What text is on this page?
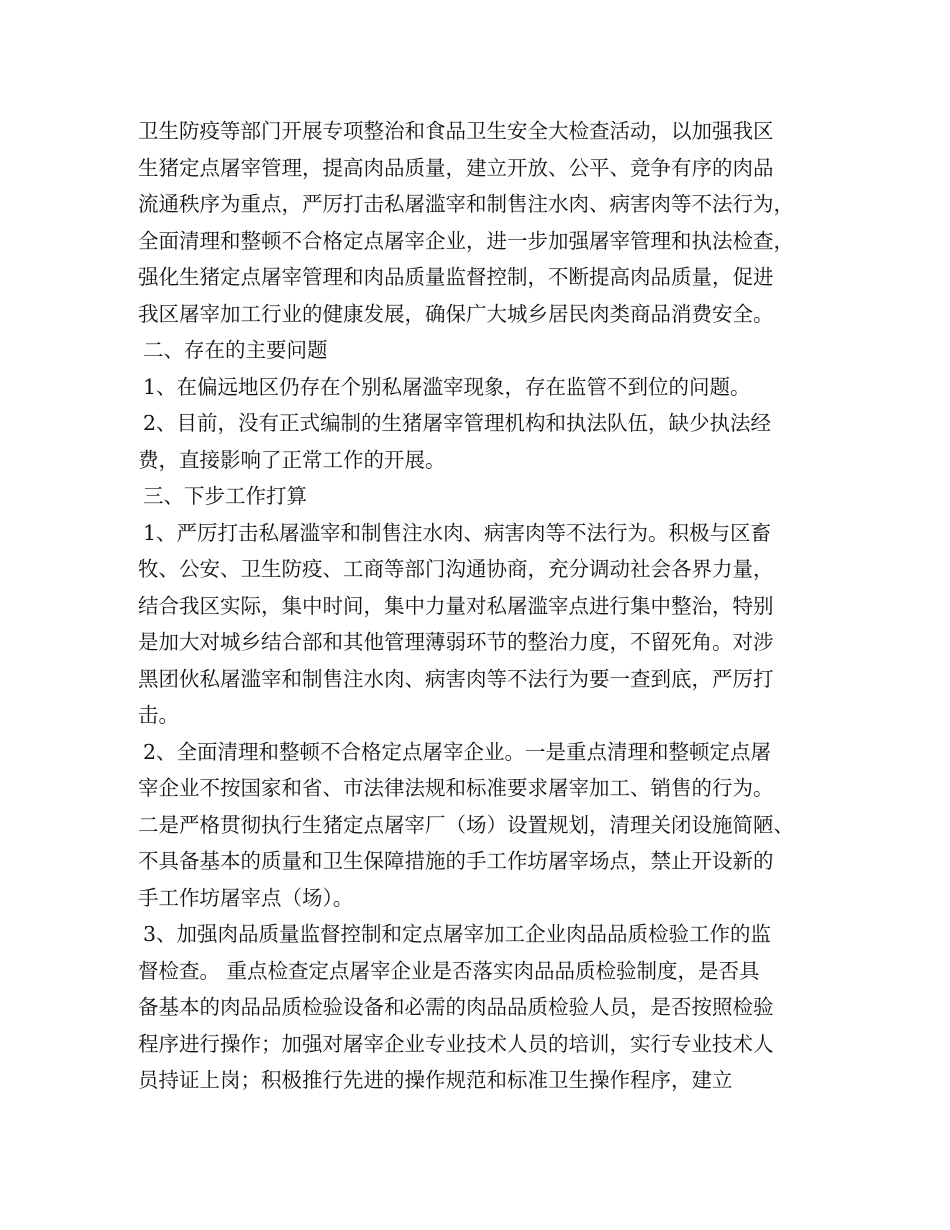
卫生防疫等部门开展专项整治和食品卫生安全大检查活动，以加强我区
生猪定点屠宰管理，提高肉品质量，建立开放、公平、竞争有序的肉品
流通秩序为重点，严厉打击私屠滥宰和制售注水肉、病害肉等不法行为，
全面清理和整顿不合格定点屠宰企业，进一步加强屠宰管理和执法检查，
强化生猪定点屠宰管理和肉品质量监督控制，不断提高肉品质量，促进
我区屠宰加工行业的健康发展，确保广大城乡居民肉类商品消费安全。

二、存在的主要问题

1、在偏远地区仍存在个别私屠滥宰现象，存在监管不到位的问题。

2、目前，没有正式编制的生猪屠宰管理机构和执法队伍，缺少执法经
费，直接影响了正常工作的开展。

三、下步工作打算

1、严厉打击私屠滥宰和制售注水肉、病害肉等不法行为。积极与区畜
牧、公安、卫生防疫、工商等部门沟通协商，充分调动社会各界力量，
结合我区实际，集中时间，集中力量对私屠滥宰点进行集中整治，特别
是加大对城乡结合部和其他管理薄弱环节的整治力度，不留死角。对涉
黑团伙私屠滥宰和制售注水肉、病害肉等不法行为要一查到底，严厉打
击。

2、全面清理和整顿不合格定点屠宰企业。一是重点清理和整顿定点屠
宰企业不按国家和省、市法律法规和标准要求屠宰加工、销售的行为。
二是严格贯彻执行生猪定点屠宰厂（场）设置规划，清理关闭设施简陋、
不具备基本的质量和卫生保障措施的手工作坊屠宰场点，禁止开设新的
手工作坊屠宰点（场）。

3、加强肉品质量监督控制和定点屠宰加工企业肉品品质检验工作的监
督检查。 重点检查定点屠宰企业是否落实肉品品质检验制度，是否具
备基本的肉品品质检验设备和必需的肉品品质检验人员，是否按照检验
程序进行操作；加强对屠宰企业专业技术人员的培训，实行专业技术人
员持证上岗；积极推行先进的操作规范和标准卫生操作程序，建立
